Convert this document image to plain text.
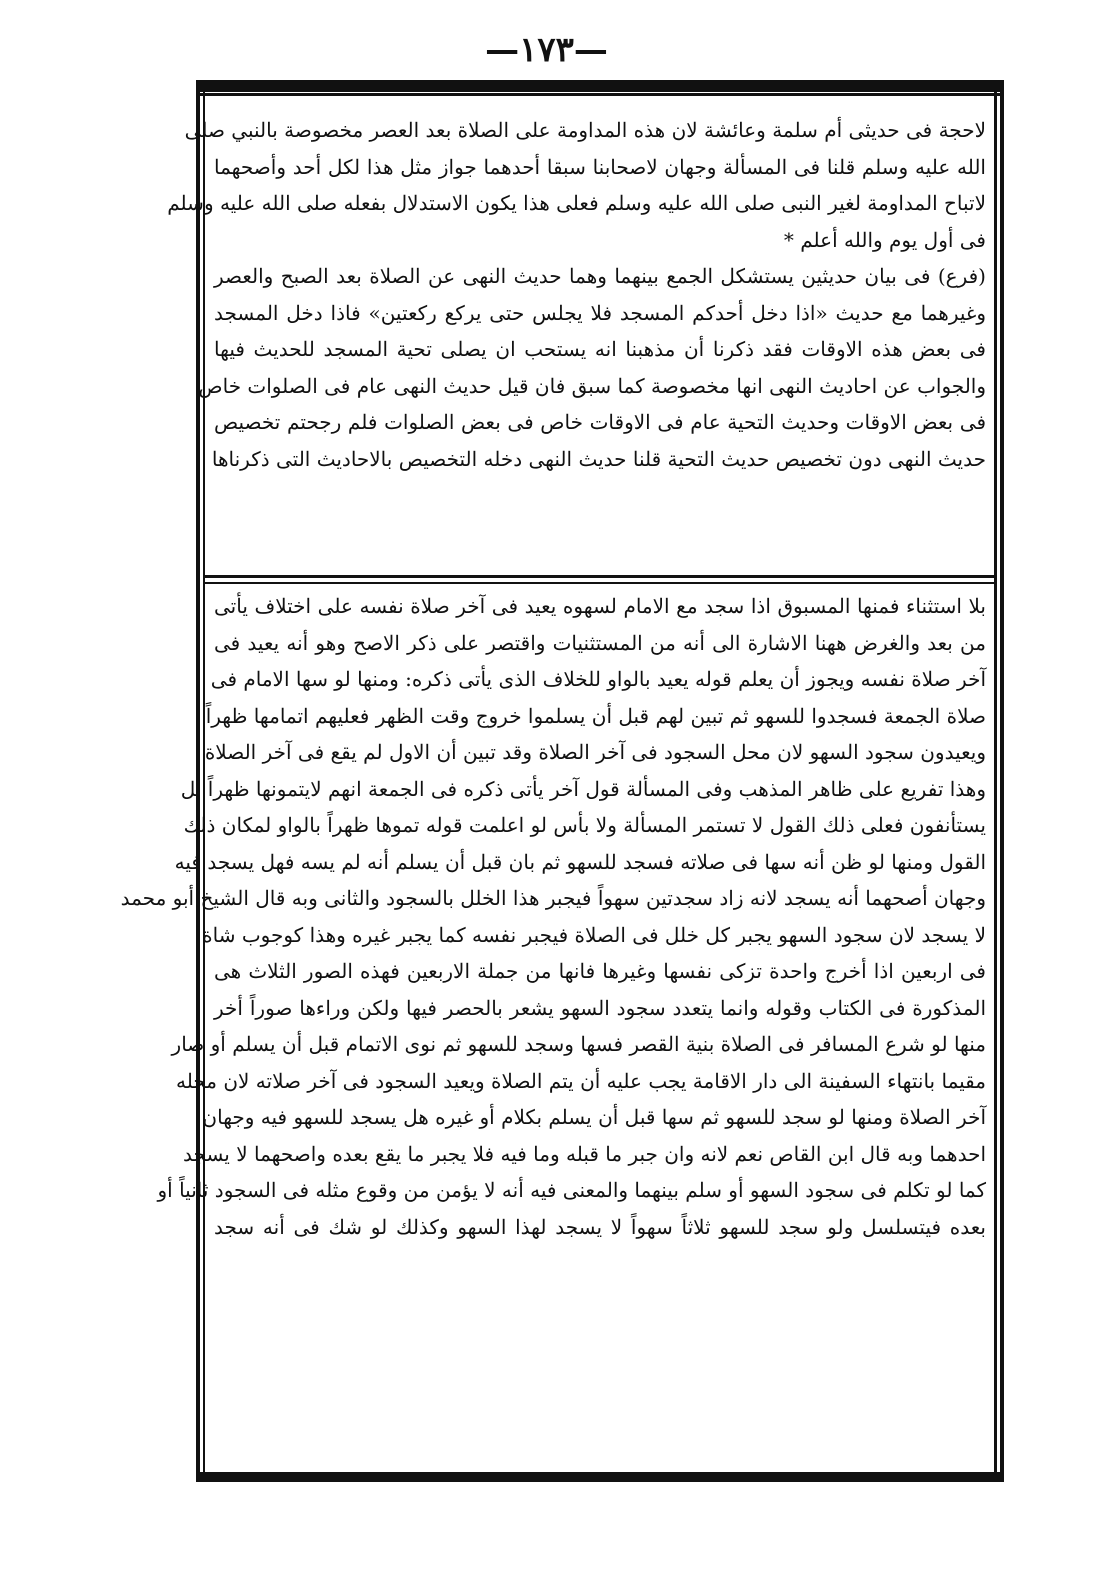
—١٧٣—
لاحجة فى حديثى أم سلمة وعائشة لان هذه المداومة على الصلاة بعد العصر مخصوصة بالنبي صلى
الله عليه وسلم قلنا فى المسألة وجهان لاصحابنا سبقا أحدهما جواز مثل هذا لكل أحد وأصحهما
لاتباح المداومة لغير النبى صلى الله عليه وسلم فعلى هذا يكون الاستدلال بفعله صلى الله عليه وسلم
فى أول يوم والله أعلم *
(فرع) فى بيان حديثين يستشكل الجمع بينهما وهما حديث النهى عن الصلاة بعد الصبح والعصر
وغيرهما مع حديث «اذا دخل أحدكم المسجد فلا يجلس حتى يركع ركعتين» فاذا دخل المسجد
فى بعض هذه الاوقات فقد ذكرنا أن مذهبنا انه يستحب ان يصلى تحية المسجد للحديث فيها
والجواب عن احاديث النهى انها مخصوصة كما سبق فان قيل حديث النهى عام فى الصلوات خاص
فى بعض الاوقات وحديث التحية عام فى الاوقات خاص فى بعض الصلوات فلم رجحتم تخصيص
حديث النهى دون تخصيص حديث التحية قلنا حديث النهى دخله التخصيص بالاحاديث التى ذكرناها
بلا استثناء فمنها المسبوق اذا سجد مع الامام لسهوه يعيد فى آخر صلاة نفسه على اختلاف يأتى
من بعد والغرض ههنا الاشارة الى أنه من المستثنيات واقتصر على ذكر الاصح وهو أنه يعيد فى
آخر صلاة نفسه ويجوز أن يعلم قوله يعيد بالواو للخلاف الذى يأتى ذكره: ومنها لو سها الامام فى
صلاة الجمعة فسجدوا للسهو ثم تبين لهم قبل أن يسلموا خروج وقت الظهر فعليهم اتمامها ظهراً
ويعيدون سجود السهو لان محل السجود فى آخر الصلاة وقد تبين أن الاول لم يقع فى آخر الصلاة
وهذا تفريع على ظاهر المذهب وفى المسألة قول آخر يأتى ذكره فى الجمعة انهم لايتمونها ظهراً بل
يستأنفون فعلى ذلك القول لا تستمر المسألة ولا بأس لو اعلمت قوله تموها ظهراً بالواو لمكان ذلك
القول ومنها لو ظن أنه سها فى صلاته فسجد للسهو ثم بان قبل أن يسلم أنه لم يسه فهل يسجد فيه
وجهان أصحهما أنه يسجد لانه زاد سجدتين سهواً فيجبر هذا الخلل بالسجود والثانى وبه قال الشيخ أبو محمد
لا يسجد لان سجود السهو يجبر كل خلل فى الصلاة فيجبر نفسه كما يجبر غيره وهذا كوجوب شاة
فى اربعين اذا أخرج واحدة تزكى نفسها وغيرها فانها من جملة الاربعين فهذه الصور الثلاث هى
المذكورة فى الكتاب وقوله وانما يتعدد سجود السهو يشعر بالحصر فيها ولكن وراءها صوراً أخر
منها لو شرع المسافر فى الصلاة بنية القصر فسها وسجد للسهو ثم نوى الاتمام قبل أن يسلم أو صار
مقيما بانتهاء السفينة الى دار الاقامة يجب عليه أن يتم الصلاة ويعيد السجود فى آخر صلاته لان محله
آخر الصلاة ومنها لو سجد للسهو ثم سها قبل أن يسلم بكلام أو غيره هل يسجد للسهو فيه وجهان
احدهما وبه قال ابن القاص نعم لانه وان جبر ما قبله وما فيه فلا يجبر ما يقع بعده واصحهما لا يسجد
كما لو تكلم فى سجود السهو أو سلم بينهما والمعنى فيه أنه لا يؤمن من وقوع مثله فى السجود ثانياً أو
بعده فيتسلسل ولو سجد للسهو ثلاثاً سهواً لا يسجد لهذا السهو وكذلك لو شك فى أنه سجد
